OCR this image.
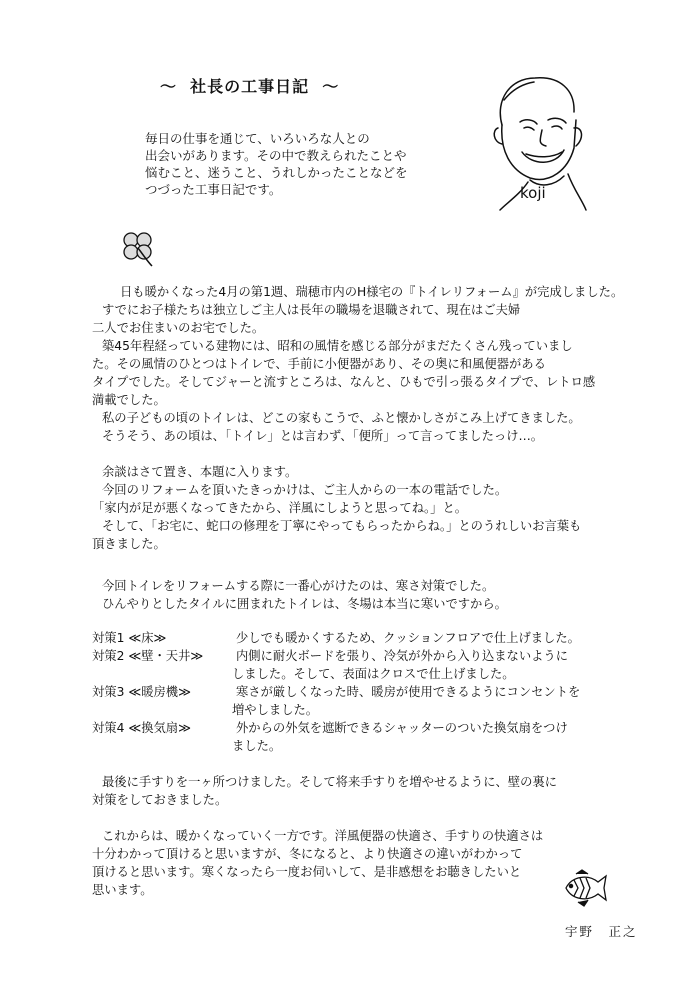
～  社長の工事日記  ～
毎日の仕事を通じて、いろいろな人との
出会いがあります。その中で教えられたことや
悩むこと、迷うこと、うれしかったことなどを
つづった工事日記です。	koji
日も暖かくなった4月の第1週、瑞穂市内のH様宅の『トイレリフォーム』が完成しました。
すでにお子様たちは独立しご主人は長年の職場を退職されて、現在はご夫婦
二人でお住まいのお宅でした。
築45年程経っている建物には、昭和の風情を感じる部分がまだたくさん残っていまし
た。その風情のひとつはトイレで、手前に小便器があり、その奥に和風便器がある
タイプでした。そしてジャーと流すところは、なんと、ひもで引っ張るタイプで、レトロ感
満載でした。
私の子どもの頃のトイレは、どこの家もこうで、ふと懐かしさがこみ上げてきました。
そうそう、あの頃は、「トイレ」とは言わず、「便所」って言ってましたっけ…。
余談はさて置き、本題に入ります。
今回のリフォームを頂いたきっかけは、ご主人からの一本の電話でした。
「家内が足が悪くなってきたから、洋風にしようと思ってね。」と。
そして、「お宅に、蛇口の修理を丁寧にやってもらったからね。」とのうれしいお言葉も
頂きました。
今回トイレをリフォームする際に一番心がけたのは、寒さ対策でした。
ひんやりとしたタイルに囲まれたトイレは、冬場は本当に寒いですから。
対策1 ≪床≫	少しでも暖かくするため、クッションフロアで仕上げました。
対策2 ≪壁・天井≫	内側に耐火ボードを張り、冷気が外から入り込まないように
しました。そして、表面はクロスで仕上げました。
対策3 ≪暖房機≫	寒さが厳しくなった時、暖房が使用できるようにコンセントを
増やしました。
対策4 ≪換気扇≫	外からの外気を遮断できるシャッターのついた換気扇をつけ
ました。
最後に手すりを一ヶ所つけました。そして将来手すりを増やせるように、壁の裏に
対策をしておきました。
これからは、暖かくなっていく一方です。洋風便器の快適さ、手すりの快適さは
十分わかって頂けると思いますが、冬になると、より快適さの違いがわかって
頂けると思います。寒くなったら一度お伺いして、是非感想をお聴きしたいと
思います。
宇野　正之
